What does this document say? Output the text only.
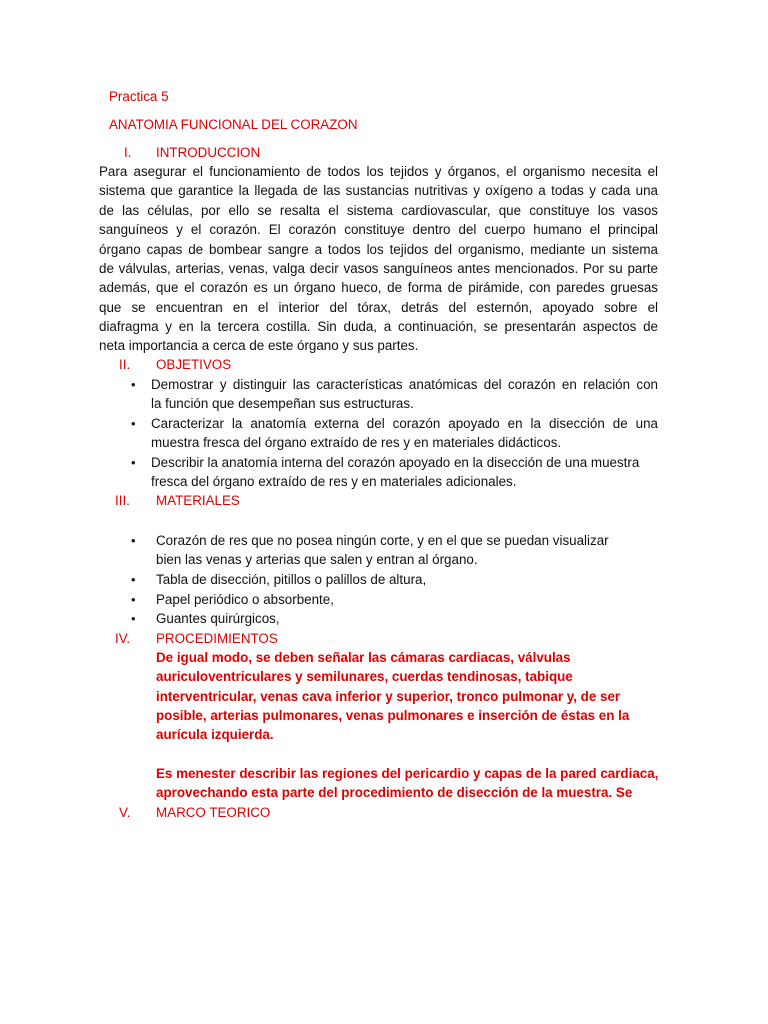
Practica 5
ANATOMIA FUNCIONAL DEL CORAZON
I. INTRODUCCION
Para asegurar el funcionamiento de todos los tejidos y órganos, el organismo necesita el
sistema que garantice la llegada de las sustancias nutritivas y oxígeno a todas y cada una
de las células, por ello se resalta el sistema cardiovascular, que constituye los vasos
sanguíneos y el corazón. El corazón constituye dentro del cuerpo humano el principal
órgano capas de bombear sangre a todos los tejidos del organismo, mediante un sistema
de válvulas, arterias, venas, valga decir vasos sanguíneos antes mencionados. Por su parte
además, que el corazón es un órgano hueco, de forma de pirámide, con paredes gruesas
que se encuentran en el interior del tórax, detrás del esternón, apoyado sobre el
diafragma y en la tercera costilla. Sin duda, a continuación, se presentarán aspectos de
neta importancia a cerca de este órgano y sus partes.
II. OBJETIVOS
• Demostrar y distinguir las características anatómicas del corazón en relación con
la función que desempeñan sus estructuras.
• Caracterizar la anatomía externa del corazón apoyado en la disección de una
muestra fresca del órgano extraído de res y en materiales didácticos.
• Describir la anatomía interna del corazón apoyado en la disección de una muestra
fresca del órgano extraído de res y en materiales adicionales.
III. MATERIALES
• Corazón de res que no posea ningún corte, y en el que se puedan visualizar
bien las venas y arterias que salen y entran al órgano.
• Tabla de disección, pitillos o palillos de altura,
• Papel periódico o absorbente,
• Guantes quirúrgicos,
IV. PROCEDIMIENTOS
De igual modo, se deben señalar las cámaras cardiacas, válvulas
auriculoventriculares y semilunares, cuerdas tendinosas, tabique
interventricular, venas cava inferior y superior, tronco pulmonar y, de ser
posible, arterias pulmonares, venas pulmonares e inserción de éstas en la
aurícula izquierda.
Es menester describir las regiones del pericardio y capas de la pared cardiaca,
aprovechando esta parte del procedimiento de disección de la muestra. Se
V. MARCO TEORICO
